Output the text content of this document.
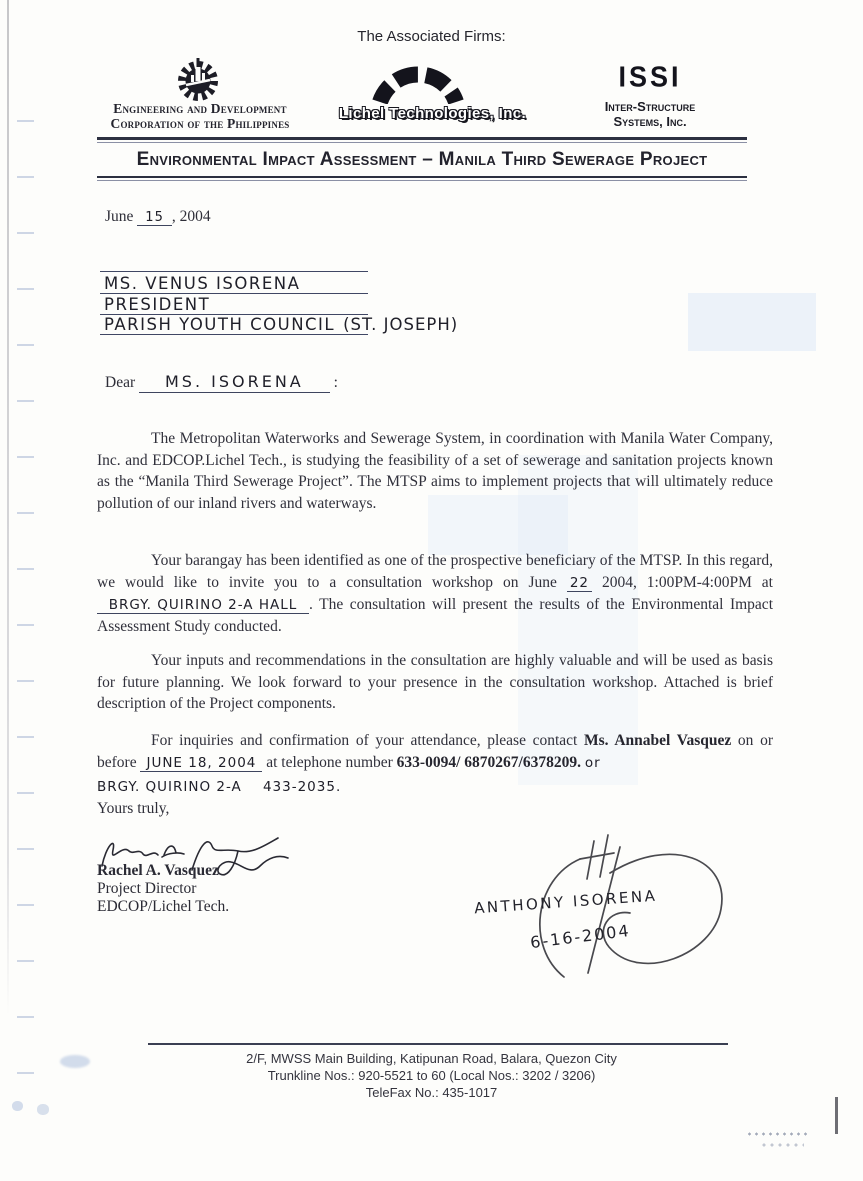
The Associated Firms:
Engineering and Development
Corporation of the Philippines
Lichel Technologies, Inc.
ISSI
Inter-Structure
Systems, Inc.
Environmental Impact Assessment – Manila Third Sewerage Project
June 15 , 2004
MS. VENUS ISORENA
PRESIDENT
PARISH YOUTH COUNCIL (ST. JOSEPH)
Dear MS. ISORENA :
The Metropolitan Waterworks and Sewerage System, in coordination with Manila Water Company, Inc. and EDCOP.Lichel Tech., is studying the feasibility of a set of sewerage and sanitation projects known as the “Manila Third Sewerage Project”. The MTSP aims to implement projects that will ultimately reduce pollution of our inland rivers and waterways.
Your barangay has been identified as one of the prospective beneficiary of the MTSP. In this regard, we would like to invite you to a consultation workshop on June 22 2004, 1:00PM-4:00PM at BRGY. QUIRINO 2-A HALL . The consultation will present the results of the Environmental Impact Assessment Study conducted.
Your inputs and recommendations in the consultation are highly valuable and will be used as basis for future planning. We look forward to your presence in the consultation workshop. Attached is brief description of the Project components.
For inquiries and confirmation of your attendance, please contact Ms. Annabel Vasquez on or before JUNE 18, 2004 at telephone number 633-0094/ 6870267/6378209. or
BRGY. QUIRINO 2-A    433-2035.
Yours truly,
Rachel A. Vasquez
Project Director
EDCOP/Lichel Tech.	ANTHONY ISORENA
6-16-2004
2/F, MWSS Main Building, Katipunan Road, Balara, Quezon City
Trunkline Nos.: 920-5521 to 60 (Local Nos.: 3202 / 3206)
TeleFax No.: 435-1017
